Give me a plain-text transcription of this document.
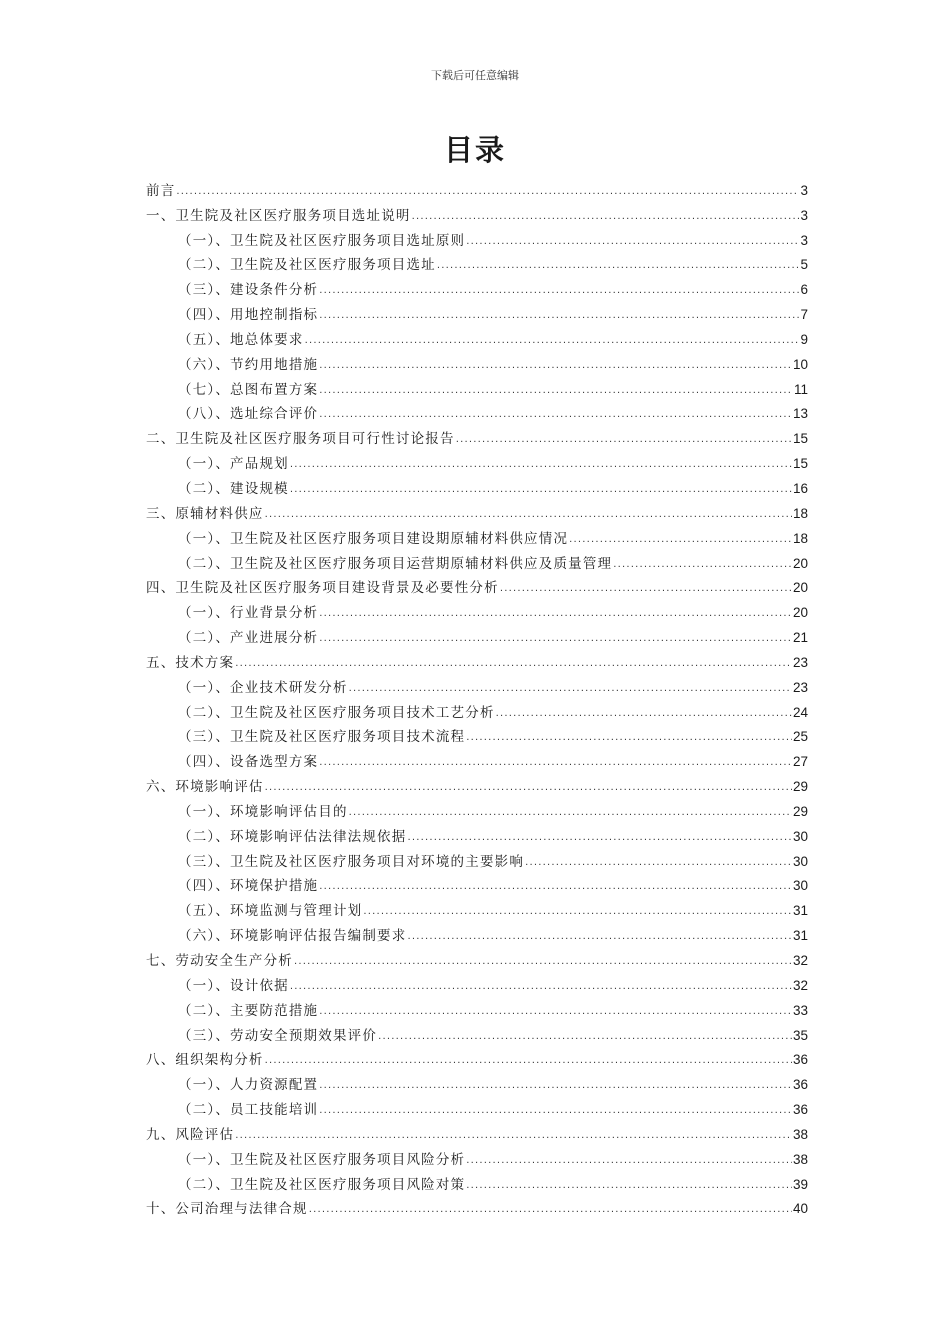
下载后可任意编辑
目录
前言 .....	3
一、卫生院及社区医疗服务项目选址说明 .....	3
（一）、卫生院及社区医疗服务项目选址原则 .....	3
（二）、卫生院及社区医疗服务项目选址 .....	5
（三）、建设条件分析 .....	6
（四）、用地控制指标 .....	7
（五）、地总体要求 .....	9
（六）、节约用地措施 .....	10
（七）、总图布置方案 .....	11
（八）、选址综合评价 .....	13
二、卫生院及社区医疗服务项目可行性讨论报告 .....	15
（一）、产品规划 .....	15
（二）、建设规模 .....	16
三、原辅材料供应 .....	18
（一）、卫生院及社区医疗服务项目建设期原辅材料供应情况 .....	18
（二）、卫生院及社区医疗服务项目运营期原辅材料供应及质量管理 .....	20
四、卫生院及社区医疗服务项目建设背景及必要性分析 .....	20
（一）、行业背景分析 .....	20
（二）、产业进展分析 .....	21
五、技术方案 .....	23
（一）、企业技术研发分析 .....	23
（二）、卫生院及社区医疗服务项目技术工艺分析 .....	24
（三）、卫生院及社区医疗服务项目技术流程 .....	25
（四）、设备选型方案 .....	27
六、环境影响评估 .....	29
（一）、环境影响评估目的 .....	29
（二）、环境影响评估法律法规依据 .....	30
（三）、卫生院及社区医疗服务项目对环境的主要影响 .....	30
（四）、环境保护措施 .....	30
（五）、环境监测与管理计划 .....	31
（六）、环境影响评估报告编制要求 .....	31
七、劳动安全生产分析 .....	32
（一）、设计依据 .....	32
（二）、主要防范措施 .....	33
（三）、劳动安全预期效果评价 .....	35
八、组织架构分析 .....	36
（一）、人力资源配置 .....	36
（二）、员工技能培训 .....	36
九、风险评估 .....	38
（一）、卫生院及社区医疗服务项目风险分析 .....	38
（二）、卫生院及社区医疗服务项目风险对策 .....	39
十、公司治理与法律合规 .....	40
